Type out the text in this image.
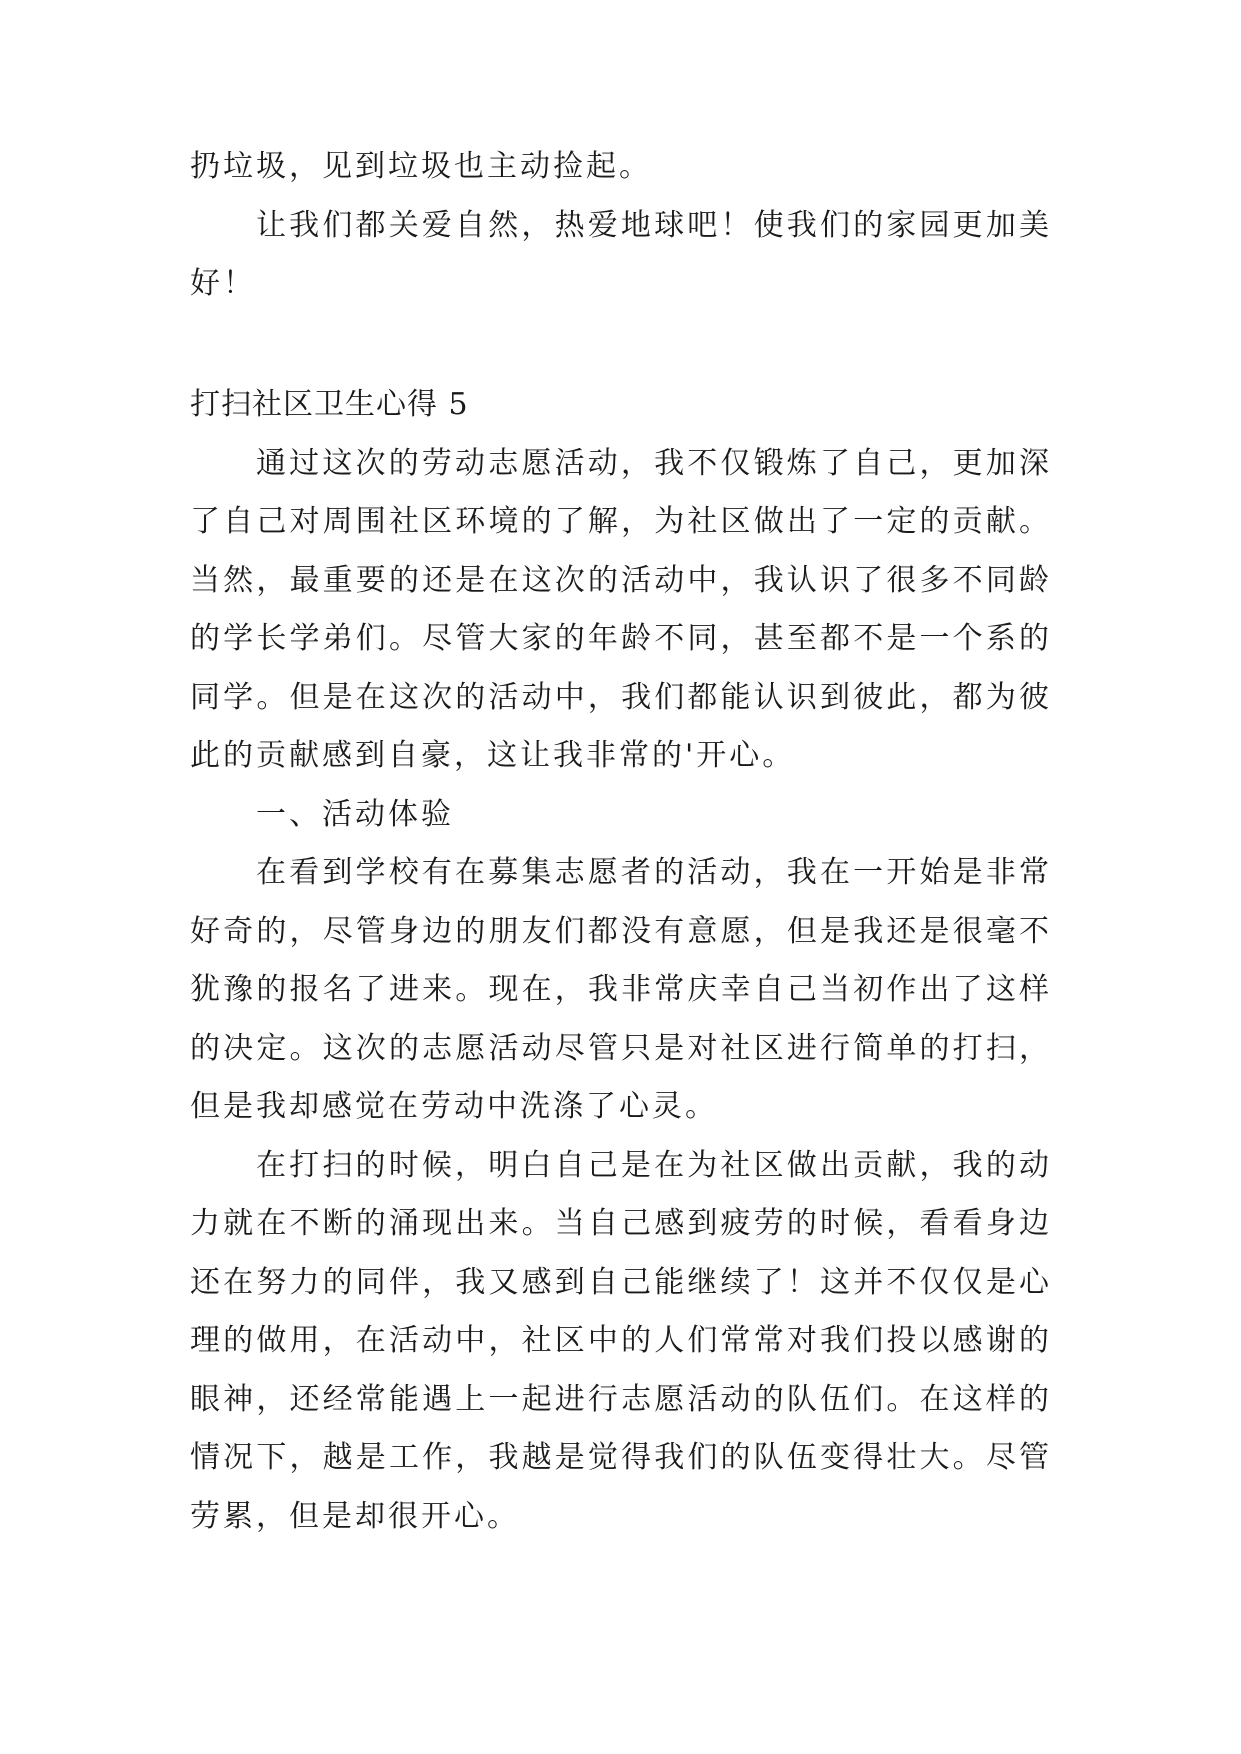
扔垃圾，见到垃圾也主动捡起。

让我们都关爱自然，热爱地球吧！使我们的家园更加美好！

打扫社区卫生心得 5

通过这次的劳动志愿活动，我不仅锻炼了自己，更加深了自己对周围社区环境的了解，为社区做出了一定的贡献。当然，最重要的还是在这次的活动中，我认识了很多不同龄的学长学弟们。尽管大家的年龄不同，甚至都不是一个系的同学。但是在这次的活动中，我们都能认识到彼此，都为彼此的贡献感到自豪，这让我非常的'开心。

一、活动体验

在看到学校有在募集志愿者的活动，我在一开始是非常好奇的，尽管身边的朋友们都没有意愿，但是我还是很毫不犹豫的报名了进来。现在，我非常庆幸自己当初作出了这样的决定。这次的志愿活动尽管只是对社区进行简单的打扫，但是我却感觉在劳动中洗涤了心灵。

在打扫的时候，明白自己是在为社区做出贡献，我的动力就在不断的涌现出来。当自己感到疲劳的时候，看看身边还在努力的同伴，我又感到自己能继续了！这并不仅仅是心理的做用，在活动中，社区中的人们常常对我们投以感谢的眼神，还经常能遇上一起进行志愿活动的队伍们。在这样的情况下，越是工作，我越是觉得我们的队伍变得壮大。尽管劳累，但是却很开心。
